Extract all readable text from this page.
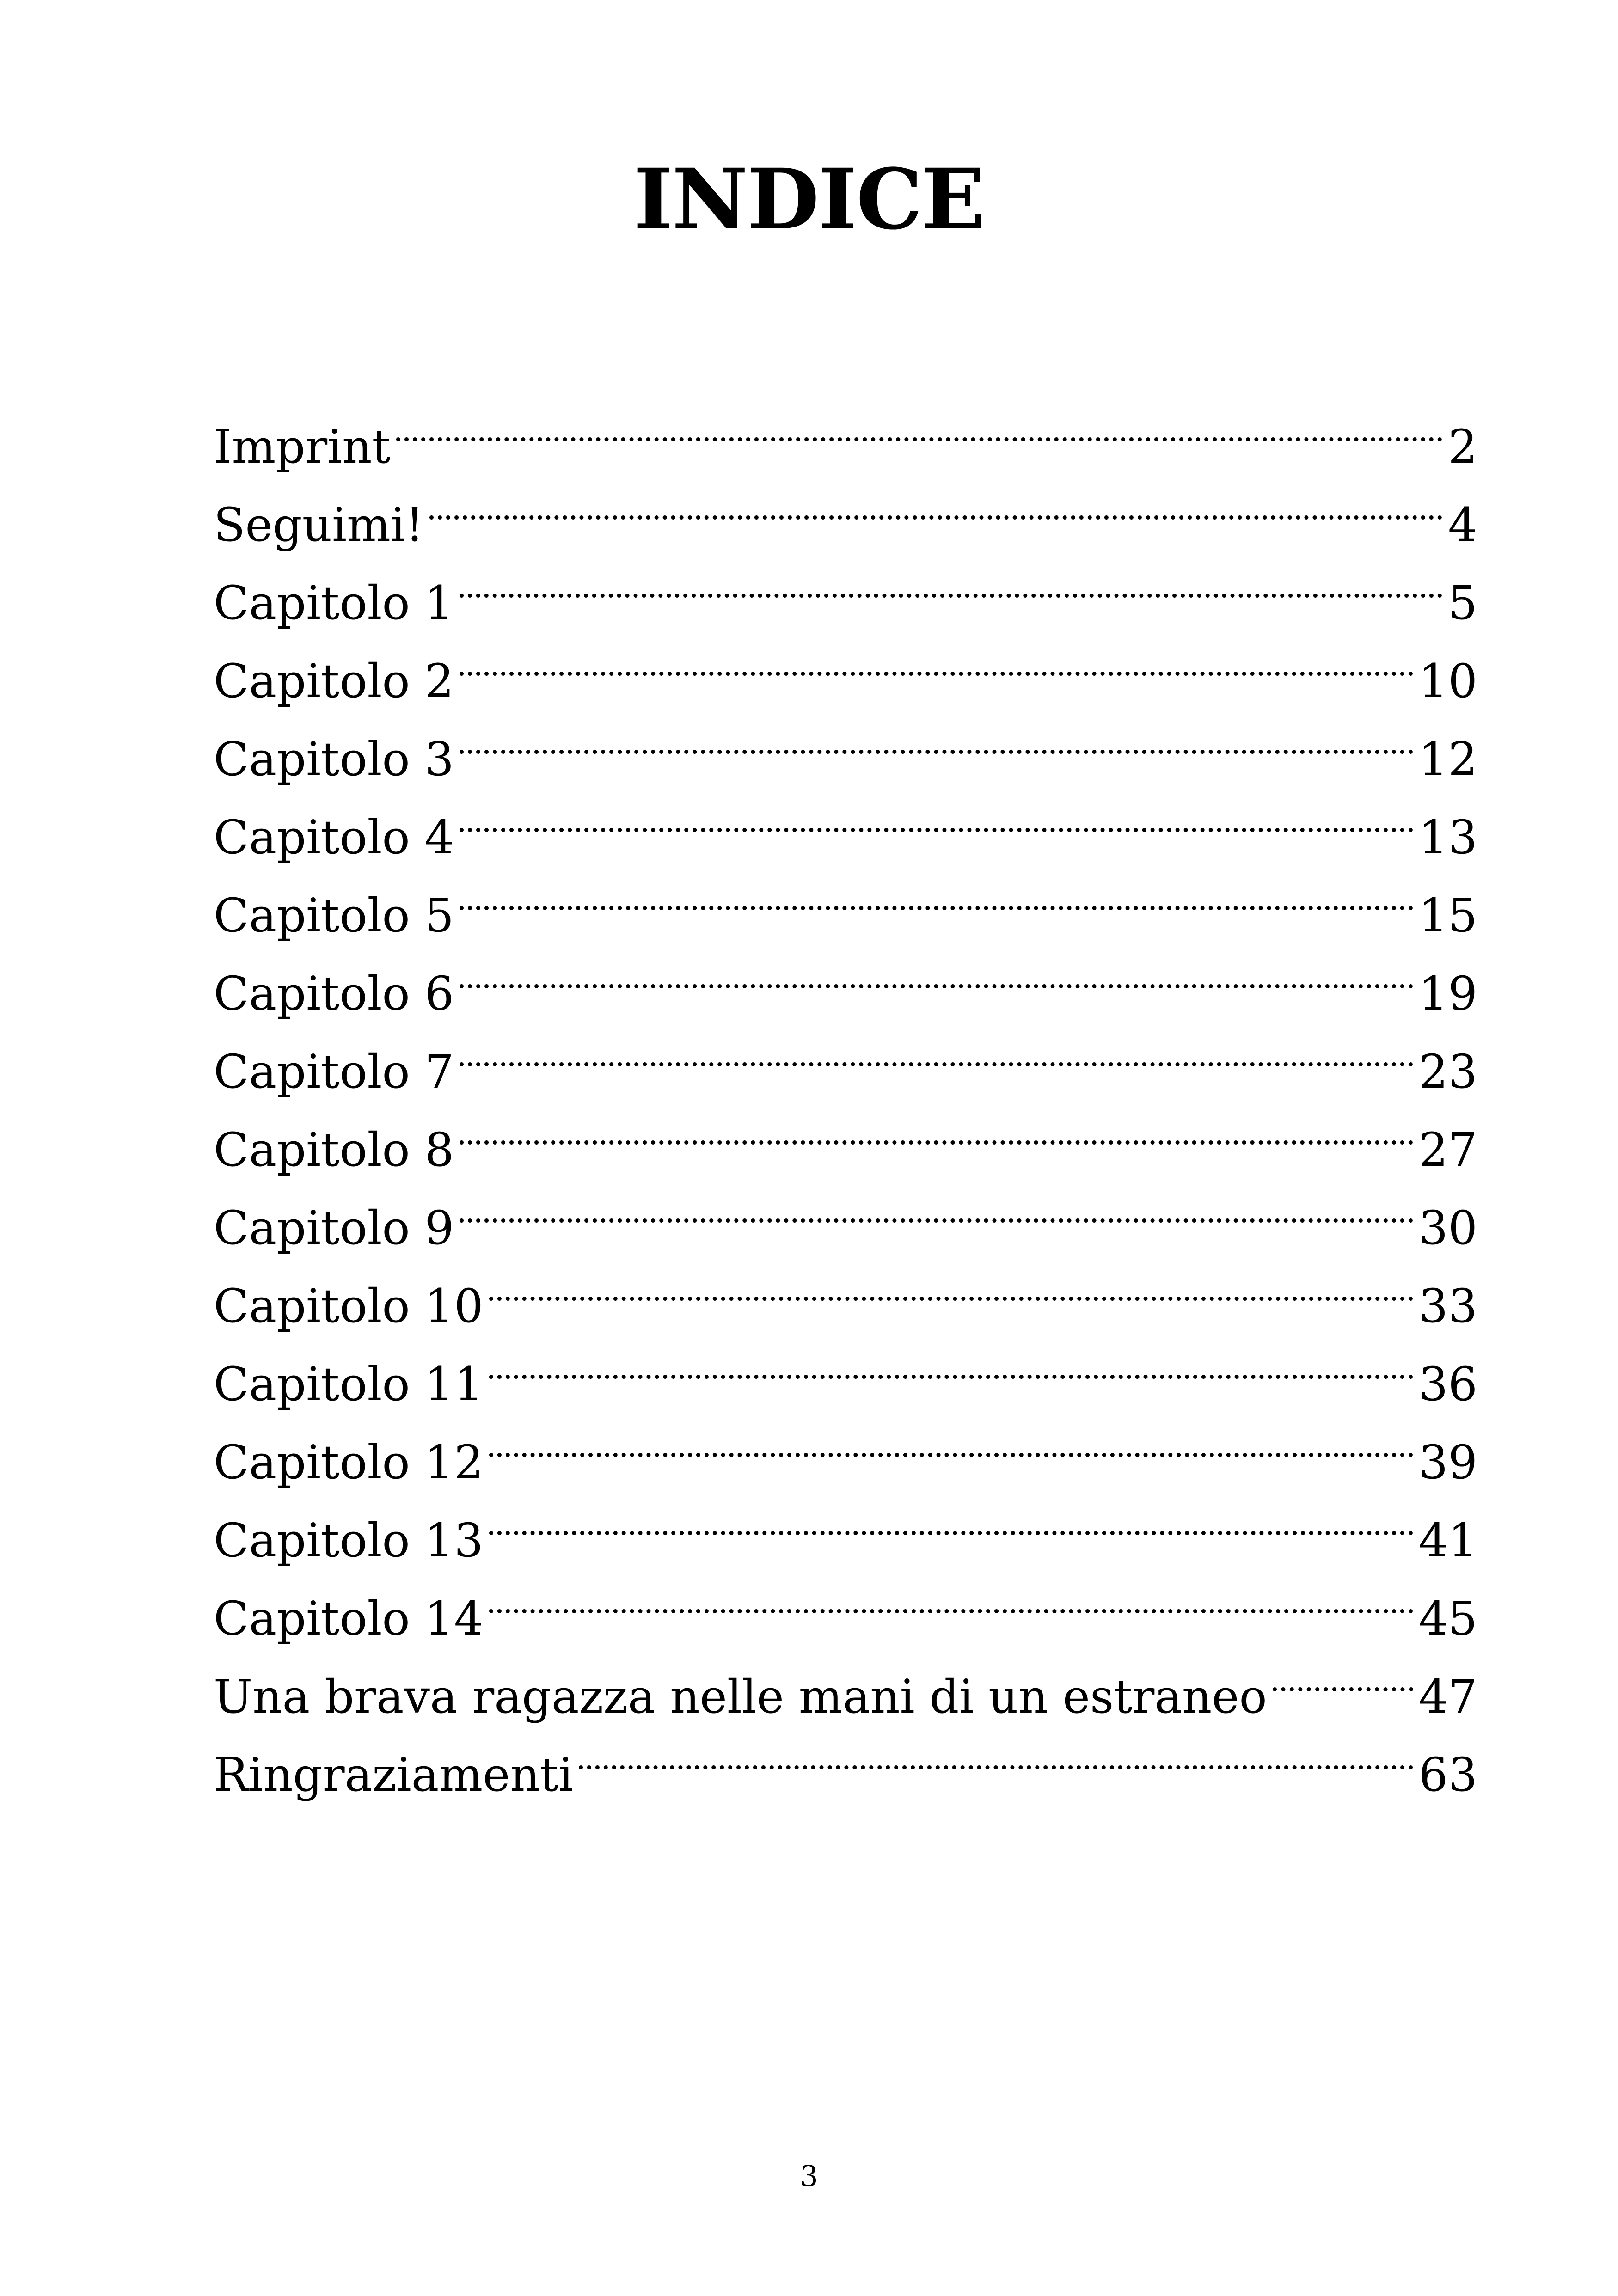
INDICE
Imprint	2
Seguimi!	4
Capitolo 1	5
Capitolo 2	10
Capitolo 3	12
Capitolo 4	13
Capitolo 5	15
Capitolo 6	19
Capitolo 7	23
Capitolo 8	27
Capitolo 9	30
Capitolo 10	33
Capitolo 11	36
Capitolo 12	39
Capitolo 13	41
Capitolo 14	45
Una brava ragazza nelle mani di un estraneo	47
Ringraziamenti	63
3
